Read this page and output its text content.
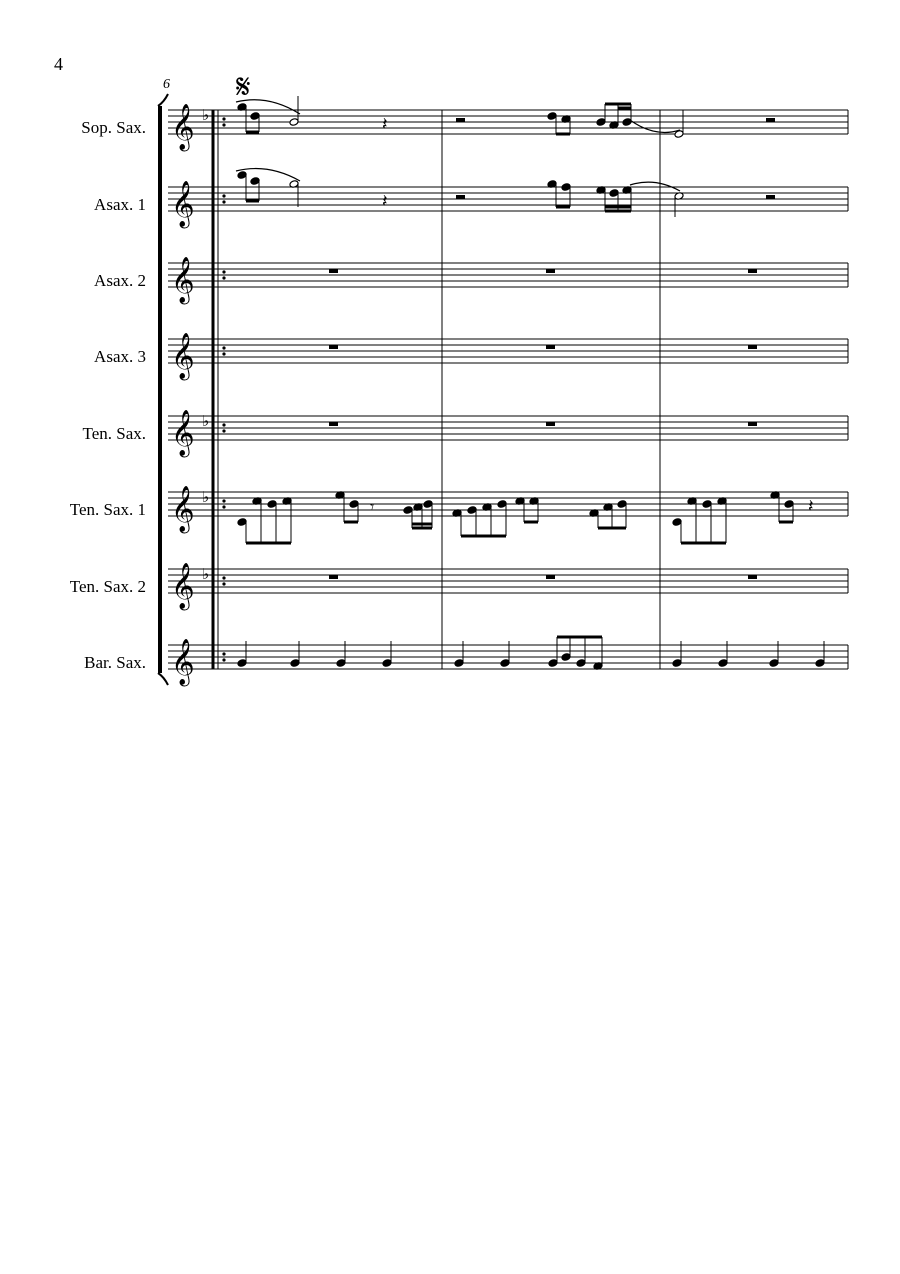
4
6
Sop. Sax.
Asax. 1
Asax. 2
Asax. 3
Ten. Sax.
Ten. Sax. 1
Ten. Sax. 2
Bar. Sax.
𝄞 ♭
𝄞
𝄞
𝄞
𝄞 ♭
𝄞 ♭
𝄞 ♭
𝄞
𝄽
𝄽
𝄾	𝄽
𝄋
